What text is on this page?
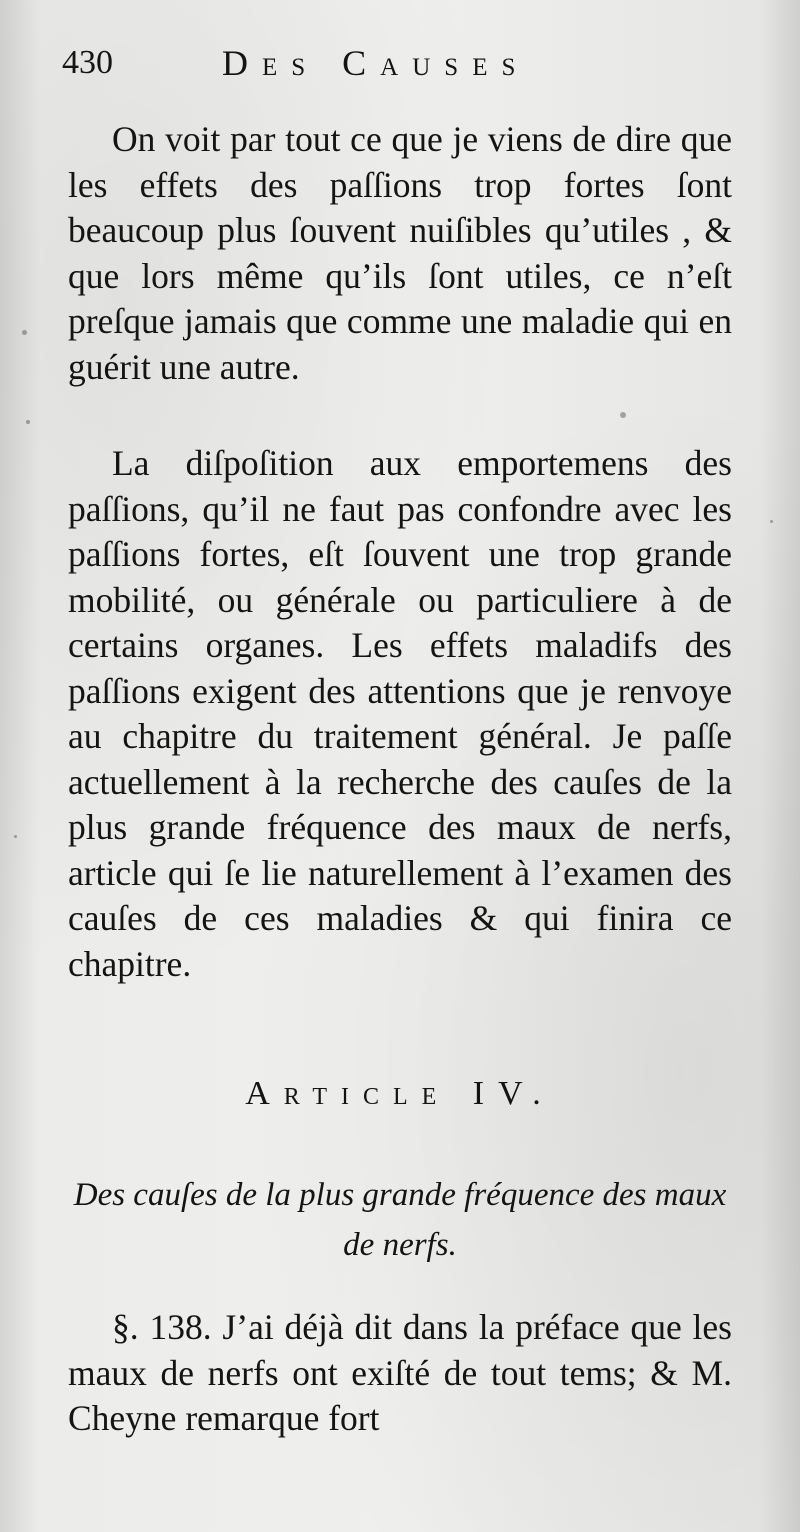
430	Des Causes

On voit par tout ce que je viens de dire que les effets des paſſions trop fortes ſont beaucoup plus ſouvent nuiſibles qu’utiles , & que lors même qu’ils ſont utiles, ce n’eſt preſque jamais que comme une maladie qui en guérit une autre.

La diſpoſition aux emportemens des paſſions, qu’il ne faut pas confondre avec les paſſions fortes, eſt ſouvent une trop grande mobilité, ou générale ou particuliere à de certains organes. Les effets maladifs des paſſions exigent des attentions que je renvoye au chapitre du traitement général. Je paſſe actuellement à la recherche des cauſes de la plus grande fréquence des maux de nerfs, article qui ſe lie naturellement à l’examen des cauſes de ces maladies & qui finira ce chapitre.

Article IV.
Des cauſes de la plus grande fréquence des maux de nerfs.

§. 138. J’ai déjà dit dans la préface que les maux de nerfs ont exiſté de tout tems; & M. Cheyne remarque fort
